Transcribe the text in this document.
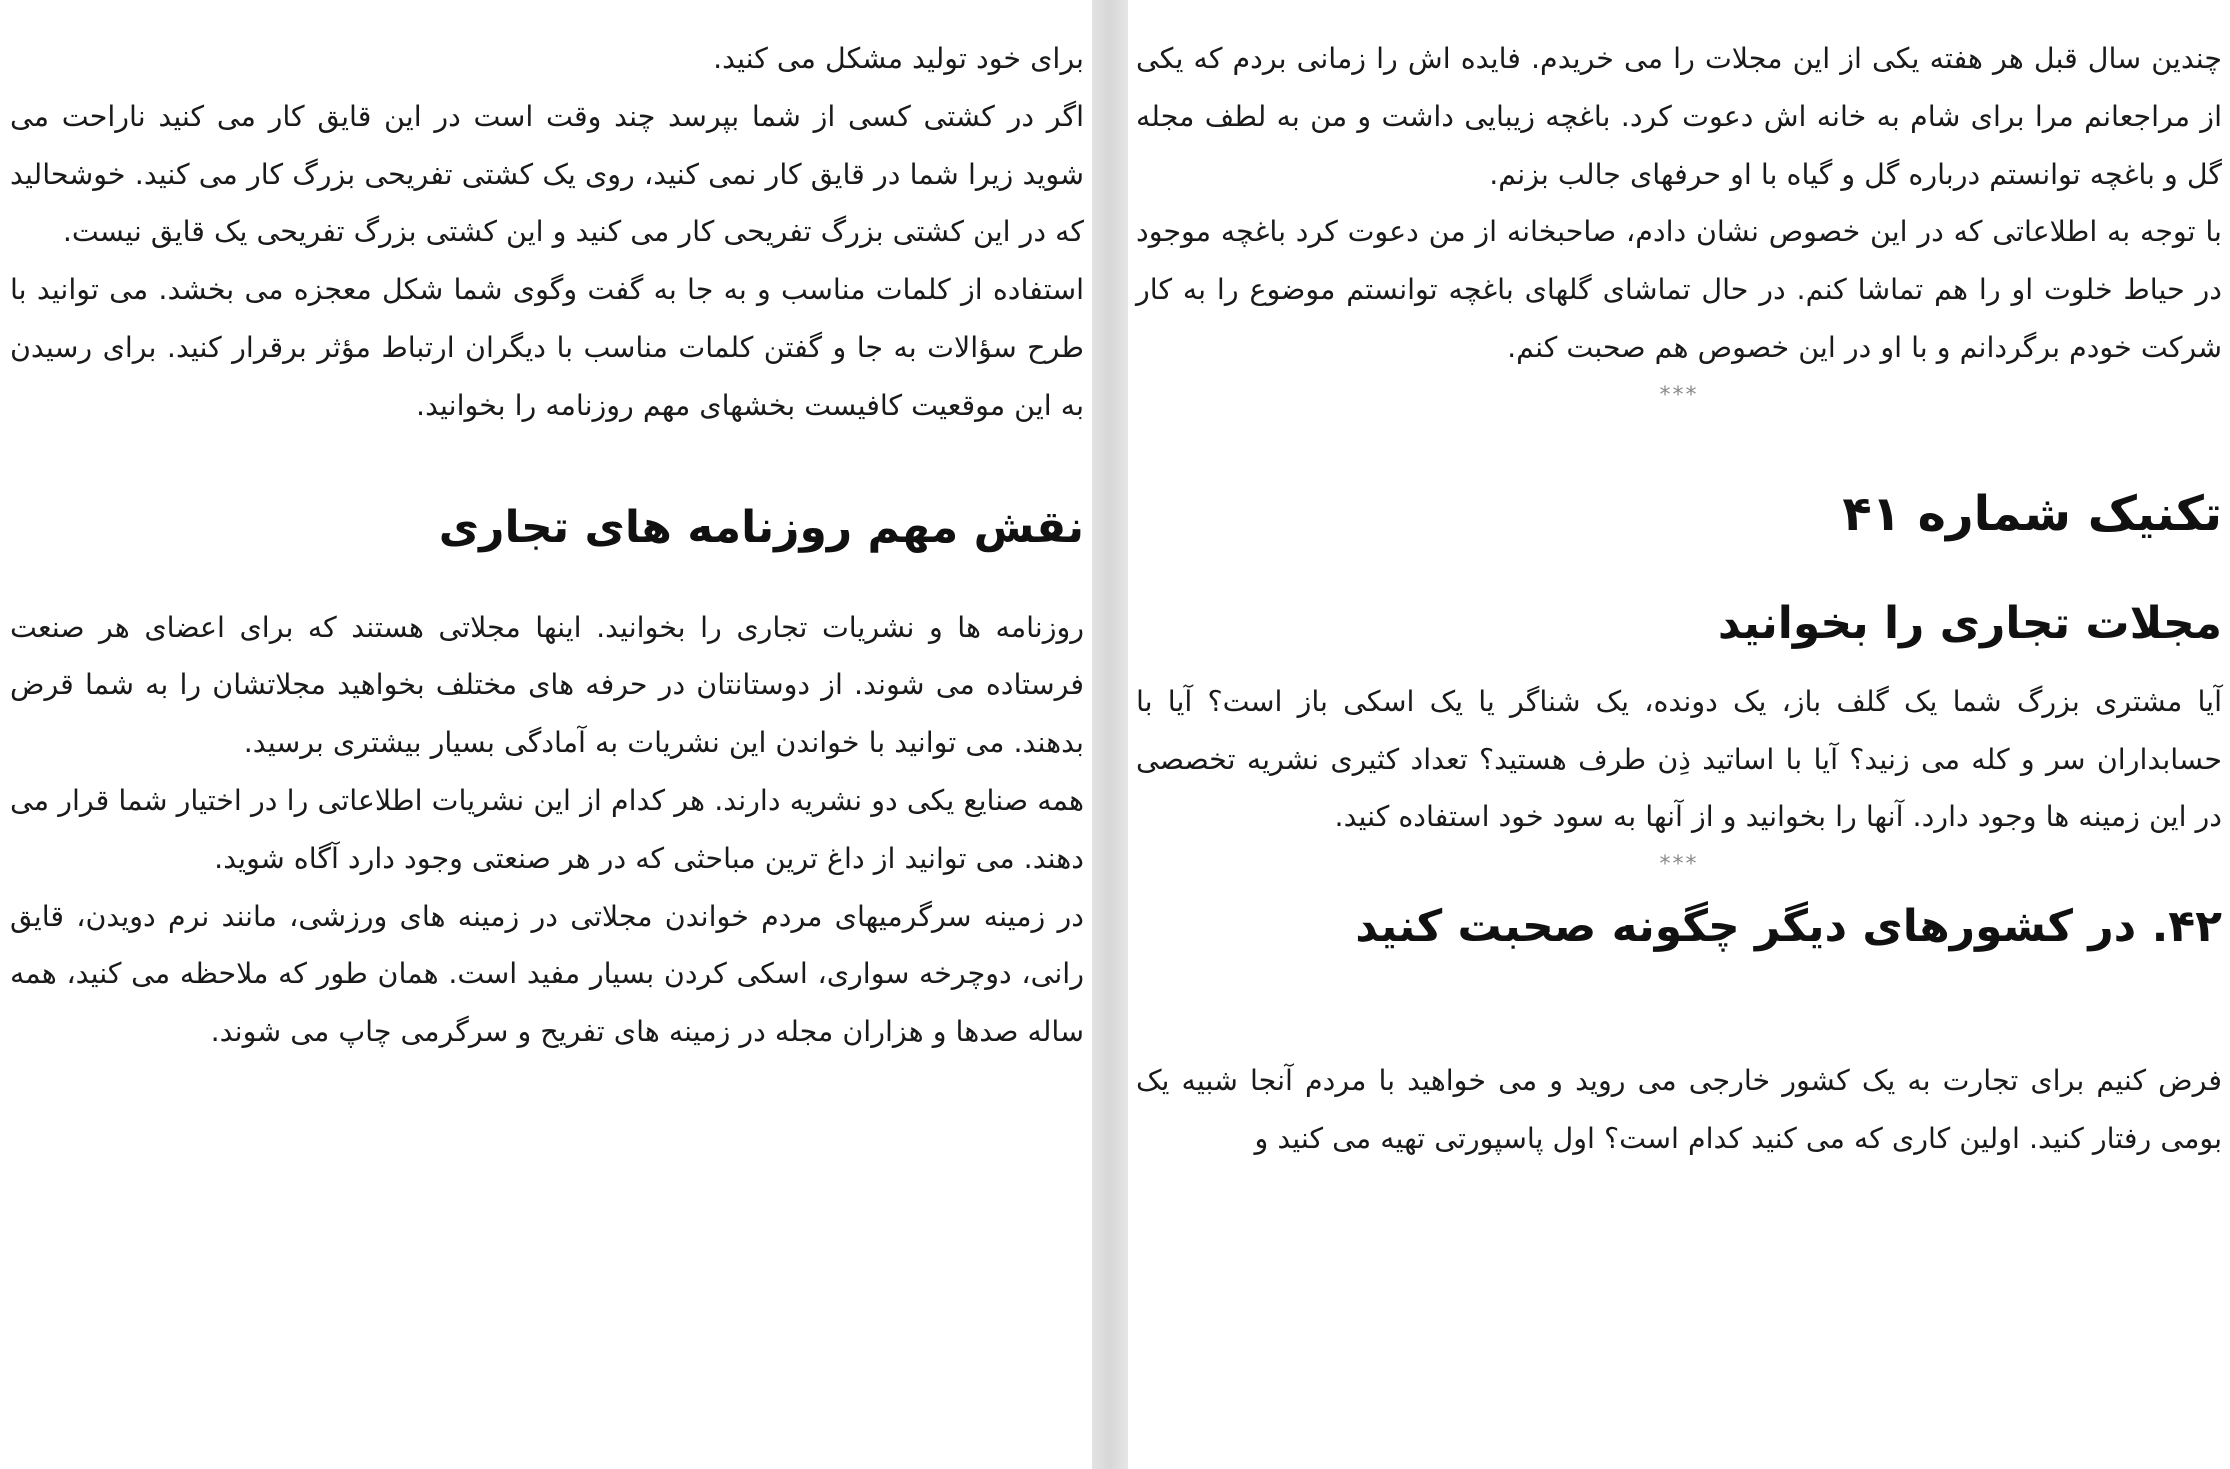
برای خود تولید مشکل می کنید.

اگر در کشتی کسی از شما بپرسد چند وقت است در این قایق کار می کنید ناراحت می شوید زیرا شما در قایق کار نمی کنید، روی یک کشتی تفریحی بزرگ کار می کنید. خوشحالید که در این کشتی بزرگ تفریحی کار می کنید و این کشتی بزرگ تفریحی یک قایق نیست.

استفاده از کلمات مناسب و به جا به گفت وگوی شما شکل معجزه می بخشد. می توانید با طرح سؤالات به جا و گفتن کلمات مناسب با دیگران ارتباط مؤثر برقرار کنید. برای رسیدن به این موقعیت کافیست بخشهای مهم روزنامه را بخوانید.

نقش مهم روزنامه های تجاری

روزنامه ها و نشریات تجاری را بخوانید. اینها مجلاتی هستند که برای اعضای هر صنعت فرستاده می شوند. از دوستانتان در حرفه های مختلف بخواهید مجلاتشان را به شما قرض بدهند. می توانید با خواندن این نشریات به آمادگی بسیار بیشتری برسید.

همه صنایع یکی دو نشریه دارند. هر کدام از این نشریات اطلاعاتی را در اختیار شما قرار می دهند. می توانید از داغ ترین مباحثی که در هر صنعتی وجود دارد آگاه شوید.

در زمینه سرگرمیهای مردم خواندن مجلاتی در زمینه های ورزشی، مانند نرم دویدن، قایق رانی، دوچرخه سواری، اسکی کردن بسیار مفید است. همان طور که ملاحظه می کنید، همه ساله صدها و هزاران مجله در زمینه های تفریح و سرگرمی چاپ می شوند.

چندین سال قبل هر هفته یکی از این مجلات را می خریدم. فایده اش را زمانی بردم که یکی از مراجعانم مرا برای شام به خانه اش دعوت کرد. باغچه زیبایی داشت و من به لطف مجله گل و باغچه توانستم درباره گل و گیاه با او حرفهای جالب بزنم.

با توجه به اطلاعاتی که در این خصوص نشان دادم، صاحبخانه از من دعوت کرد باغچه موجود در حیاط خلوت او را هم تماشا کنم. در حال تماشای گلهای باغچه توانستم موضوع را به کار شرکت خودم برگردانم و با او در این خصوص هم صحبت کنم.

***

تکنیک شماره ۴۱
مجلات تجاری را بخوانید

آیا مشتری بزرگ شما یک گلف باز، یک دونده، یک شناگر یا یک اسکی باز است؟ آیا با حسابداران سر و کله می زنید؟ آیا با اساتید ذِن طرف هستید؟ تعداد کثیری نشریه تخصصی در این زمینه ها وجود دارد. آنها را بخوانید و از آنها به سود خود استفاده کنید.

***

۴۲. در کشورهای دیگر چگونه صحبت کنید

فرض کنیم برای تجارت به یک کشور خارجی می روید و می خواهید با مردم آنجا شبیه یک بومی رفتار کنید. اولین کاری که می کنید کدام است؟ اول پاسپورتی تهیه می کنید و
